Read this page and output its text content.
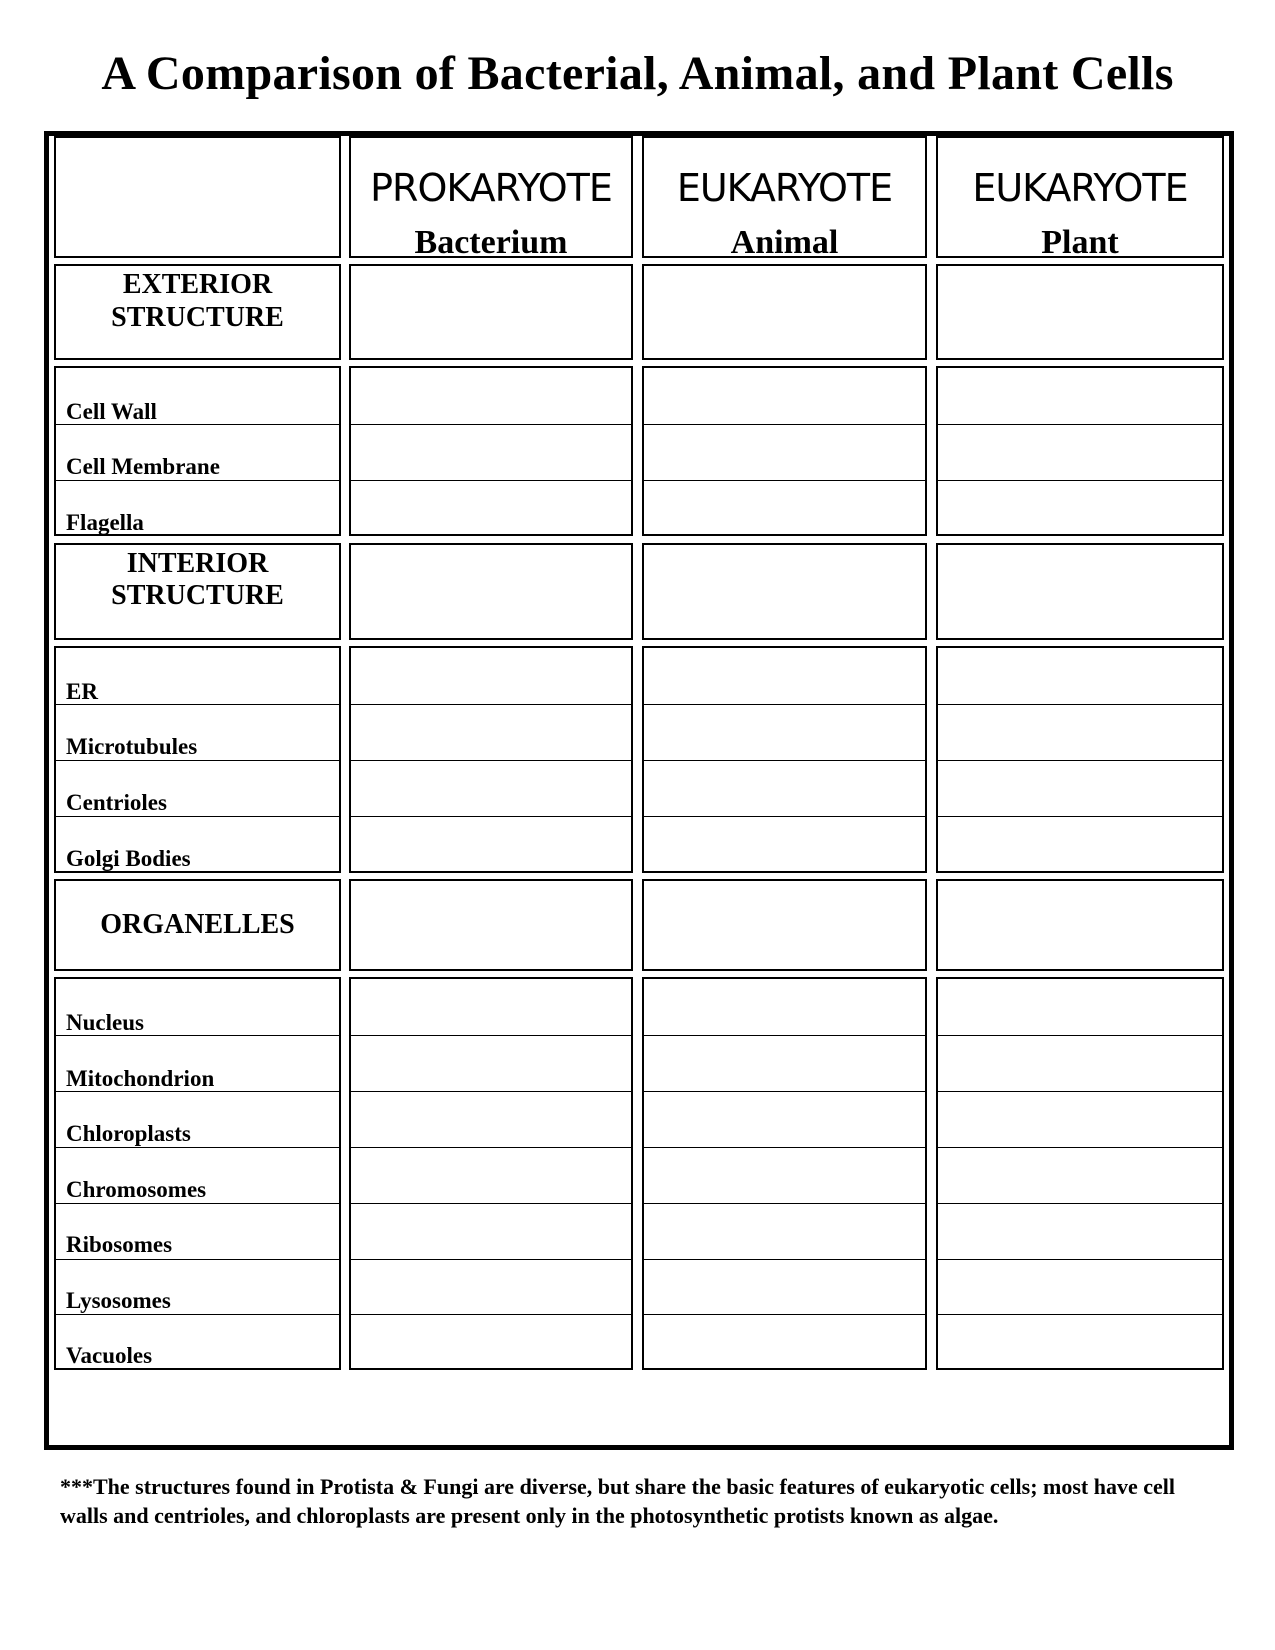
A Comparison of Bacterial, Animal, and Plant Cells
PROKARYOTE
Bacterium
EUKARYOTE
Animal
EUKARYOTE
Plant
EXTERIOR
STRUCTURE
Cell Wall
Cell Membrane
Flagella
INTERIOR
STRUCTURE
ER
Microtubules
Centrioles
Golgi Bodies
ORGANELLES
Nucleus
Mitochondrion
Chloroplasts
Chromosomes
Ribosomes
Lysosomes
Vacuoles
***The structures found in Protista & Fungi are diverse, but share the basic features of eukaryotic cells; most have cell walls and centrioles, and chloroplasts are present only in the photosynthetic protists known as algae.
